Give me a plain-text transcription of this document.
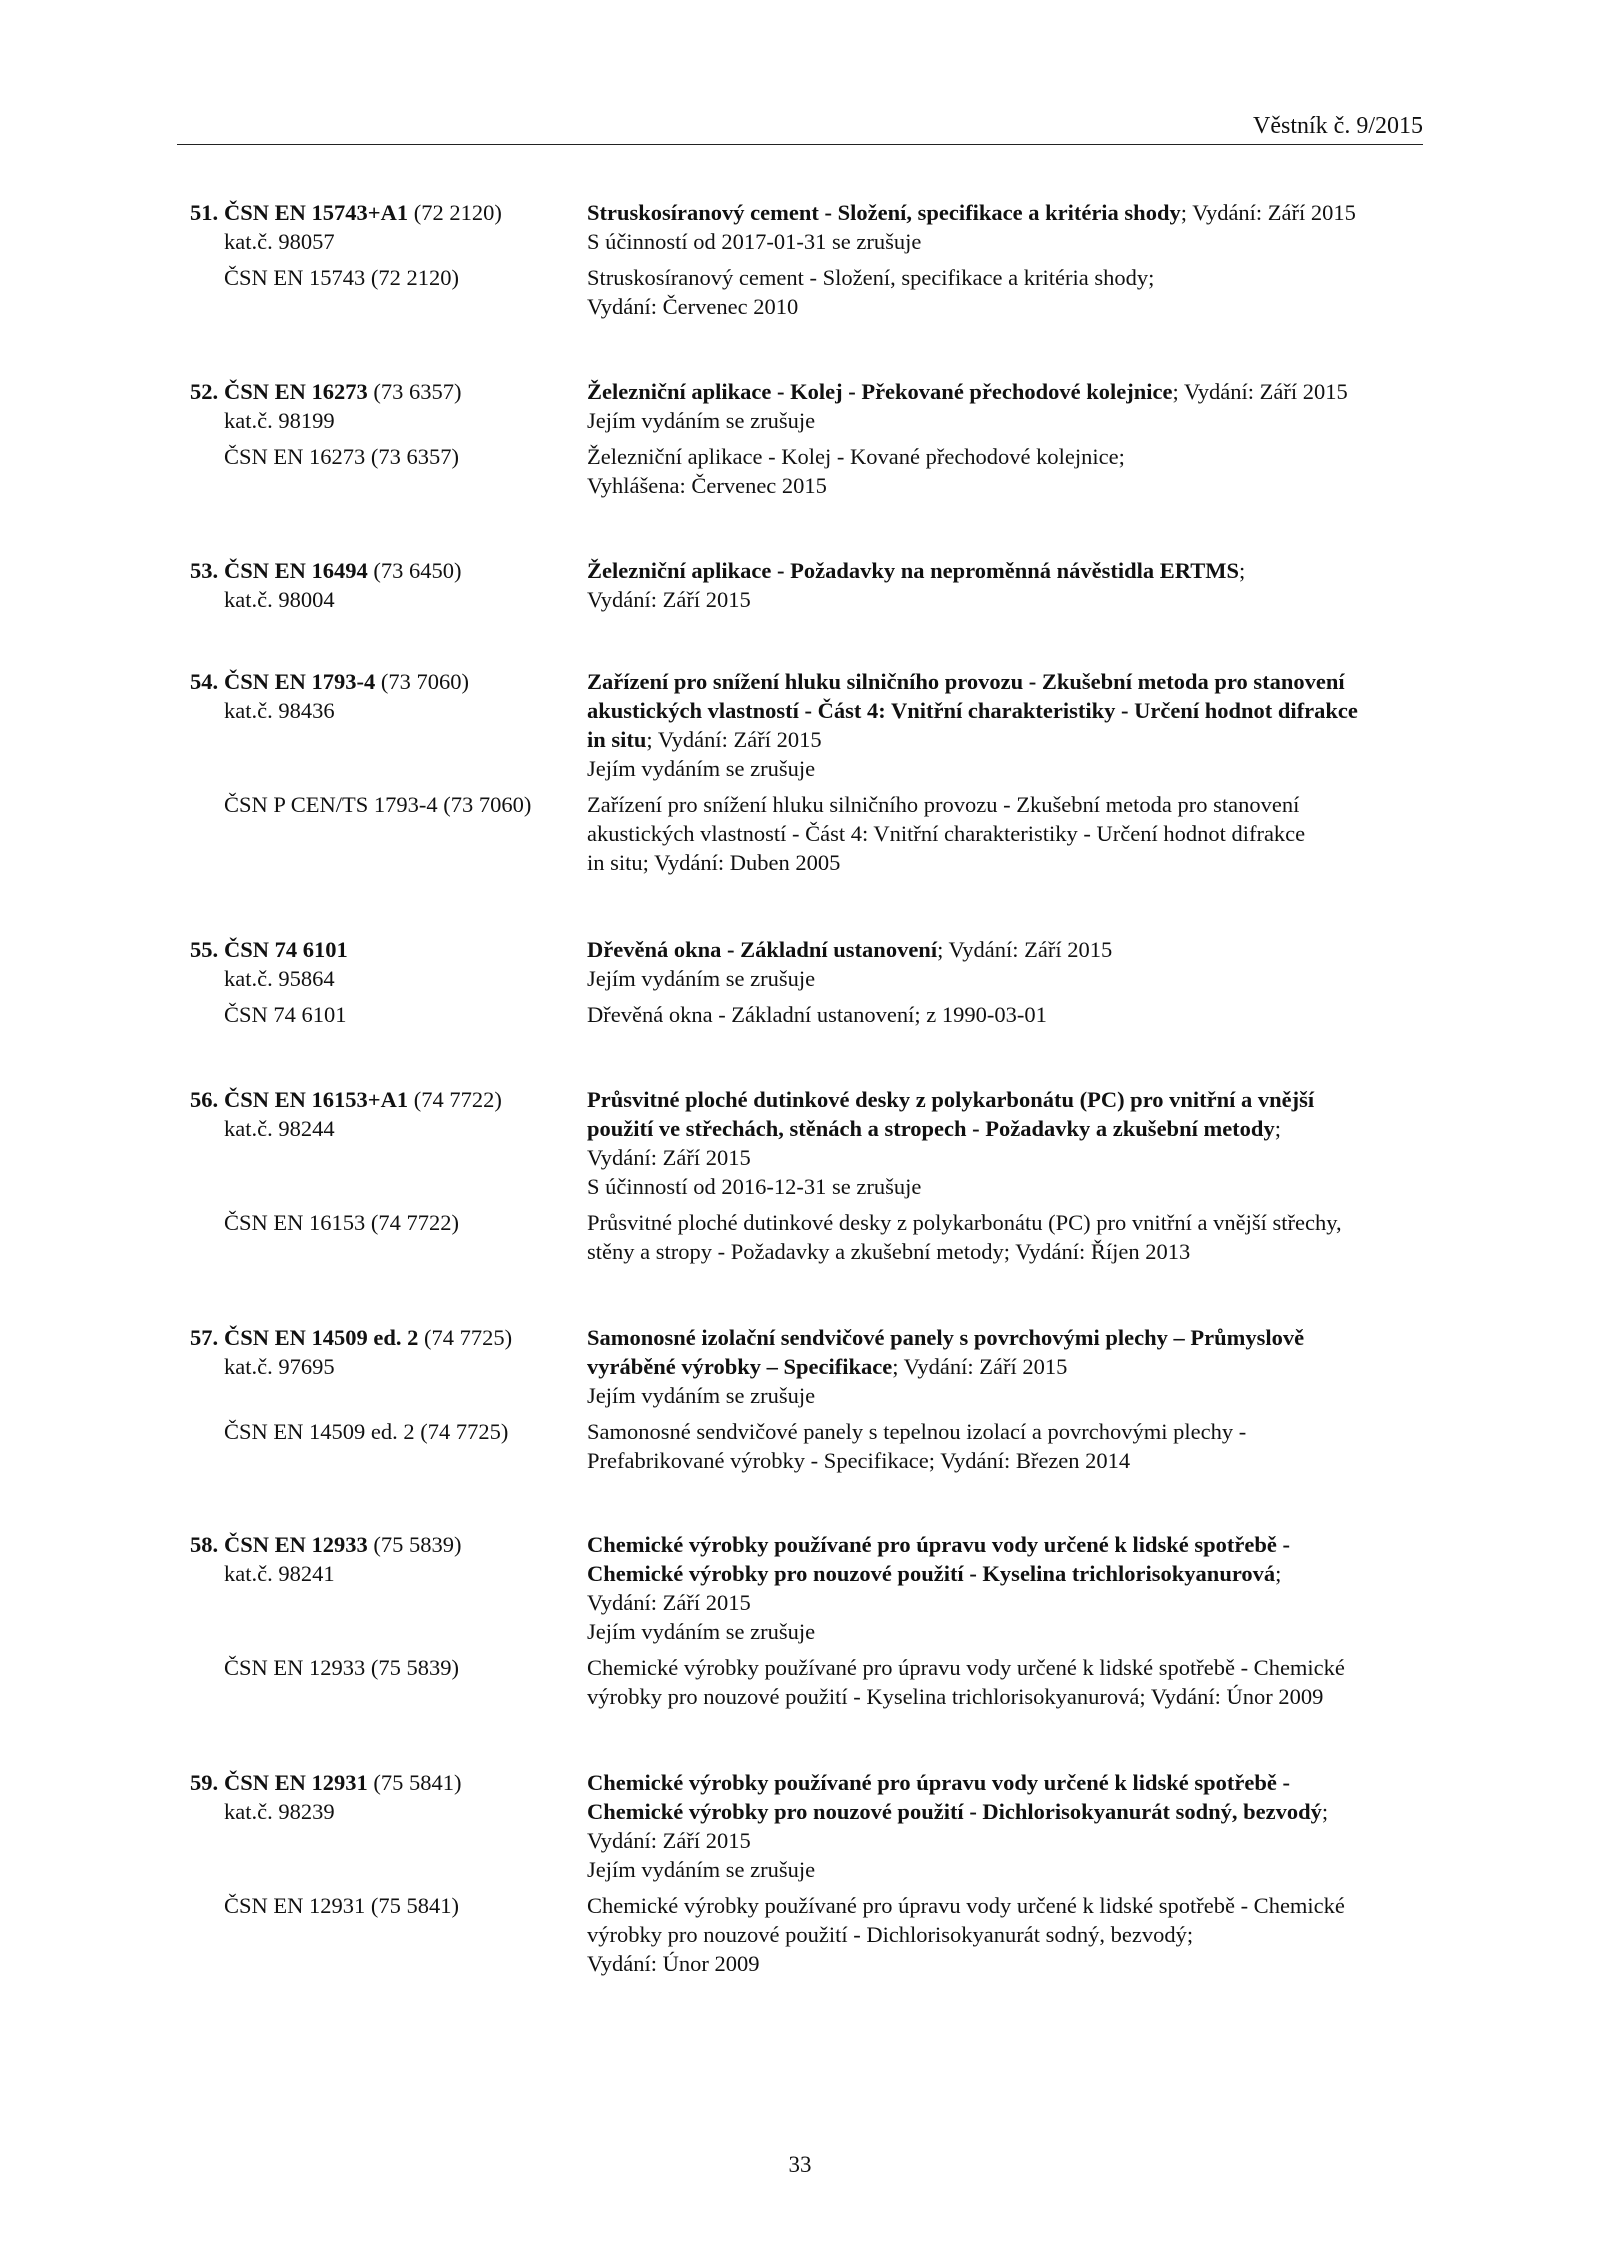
Věstník č. 9/2015
51. ČSN EN 15743+A1 (72 2120)	Struskosíranový cement - Složení, specifikace a kritéria shody; Vydání: Září 2015
kat.č. 98057	S účinností od 2017-01-31 se zrušuje
ČSN EN 15743 (72 2120)	Struskosíranový cement - Složení, specifikace a kritéria shody;
Vydání: Červenec 2010
52. ČSN EN 16273 (73 6357)	Železniční aplikace - Kolej - Překované přechodové kolejnice; Vydání: Září 2015
kat.č. 98199	Jejím vydáním se zrušuje
ČSN EN 16273 (73 6357)	Železniční aplikace - Kolej - Kované přechodové kolejnice;
Vyhlášena: Červenec 2015
53. ČSN EN 16494 (73 6450)	Železniční aplikace - Požadavky na neproměnná návěstidla ERTMS;
kat.č. 98004	Vydání: Září 2015
54. ČSN EN 1793-4 (73 7060)	Zařízení pro snížení hluku silničního provozu - Zkušební metoda pro stanovení
kat.č. 98436	akustických vlastností - Část 4: Vnitřní charakteristiky - Určení hodnot difrakce
in situ; Vydání: Září 2015
Jejím vydáním se zrušuje
ČSN P CEN/TS 1793-4 (73 7060) Zařízení pro snížení hluku silničního provozu - Zkušební metoda pro stanovení
akustických vlastností - Část 4: Vnitřní charakteristiky - Určení hodnot difrakce
in situ; Vydání: Duben 2005
55. ČSN 74 6101	Dřevěná okna - Základní ustanovení; Vydání: Září 2015
kat.č. 95864	Jejím vydáním se zrušuje
ČSN 74 6101	Dřevěná okna - Základní ustanovení; z 1990-03-01
56. ČSN EN 16153+A1 (74 7722)	Průsvitné ploché dutinkové desky z polykarbonátu (PC) pro vnitřní a vnější
kat.č. 98244	použití ve střechách, stěnách a stropech - Požadavky a zkušební metody;
Vydání: Září 2015
S účinností od 2016-12-31 se zrušuje
ČSN EN 16153 (74 7722)	Průsvitné ploché dutinkové desky z polykarbonátu (PC) pro vnitřní a vnější střechy,
stěny a stropy - Požadavky a zkušební metody; Vydání: Říjen 2013
57. ČSN EN 14509 ed. 2 (74 7725)	Samonosné izolační sendvičové panely s povrchovými plechy – Průmyslově
kat.č. 97695	vyráběné výrobky – Specifikace; Vydání: Září 2015
Jejím vydáním se zrušuje
ČSN EN 14509 ed. 2 (74 7725)	Samonosné sendvičové panely s tepelnou izolací a povrchovými plechy -
Prefabrikované výrobky - Specifikace; Vydání: Březen 2014
58. ČSN EN 12933 (75 5839)	Chemické výrobky používané pro úpravu vody určené k lidské spotřebě -
kat.č. 98241	Chemické výrobky pro nouzové použití - Kyselina trichlorisokyanurová;
Vydání: Září 2015
Jejím vydáním se zrušuje
ČSN EN 12933 (75 5839)	Chemické výrobky používané pro úpravu vody určené k lidské spotřebě - Chemické
výrobky pro nouzové použití - Kyselina trichlorisokyanurová; Vydání: Únor 2009
59. ČSN EN 12931 (75 5841)	Chemické výrobky používané pro úpravu vody určené k lidské spotřebě -
kat.č. 98239	Chemické výrobky pro nouzové použití - Dichlorisokyanurát sodný, bezvodý;
Vydání: Září 2015
Jejím vydáním se zrušuje
ČSN EN 12931 (75 5841)	Chemické výrobky používané pro úpravu vody určené k lidské spotřebě - Chemické
výrobky pro nouzové použití - Dichlorisokyanurát sodný, bezvodý;
Vydání: Únor 2009
33
